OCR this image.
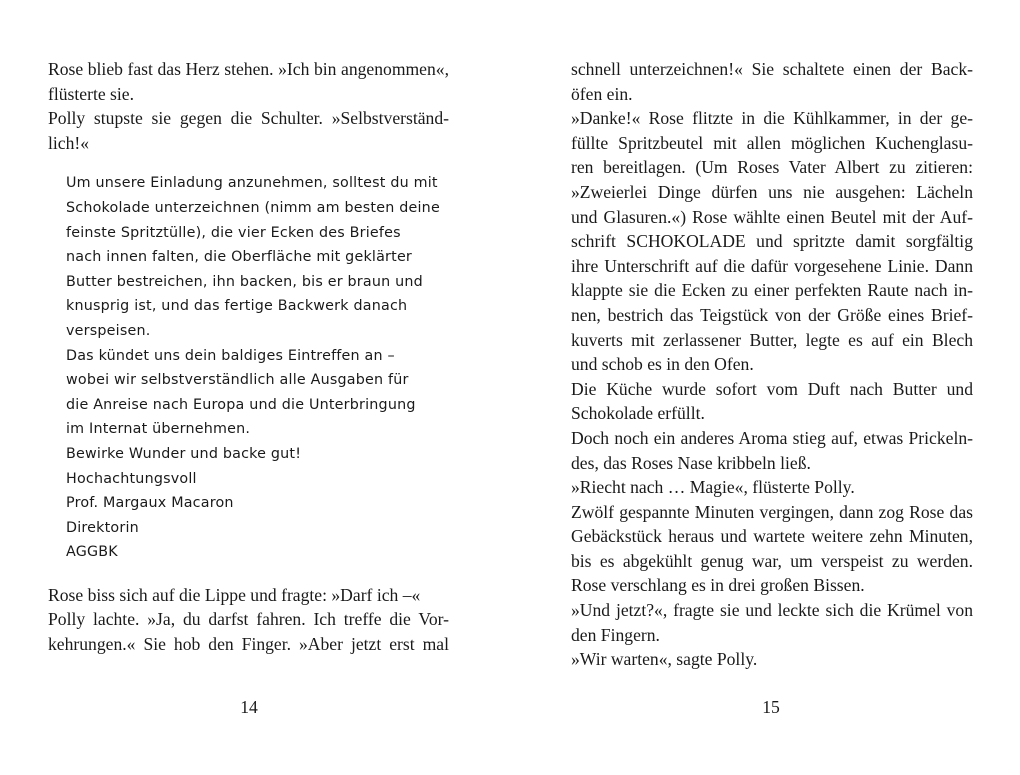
Rose blieb fast das Herz stehen. »Ich bin angenommen«,
flüsterte sie.
Polly stupste sie gegen die Schulter. »Selbstverständ-
lich!«
Um unsere Einladung anzunehmen, solltest du mit
Schokolade unterzeichnen (nimm am besten deine
feinste Spritztülle), die vier Ecken des Briefes
nach innen falten, die Oberfläche mit geklärter
Butter bestreichen, ihn backen, bis er braun und
knusprig ist, und das fertige Backwerk danach
verspeisen.
Das kündet uns dein baldiges Eintreffen an –
wobei wir selbstverständlich alle Ausgaben für
die Anreise nach Europa und die Unterbringung
im Internat übernehmen.
Bewirke Wunder und backe gut!
Hochachtungsvoll
Prof. Margaux Macaron
Direktorin
AGGBK
Rose biss sich auf die Lippe und fragte: »Darf ich –«
Polly lachte. »Ja, du darfst fahren. Ich treffe die Vor-
kehrungen.« Sie hob den Finger. »Aber jetzt erst mal
schnell unterzeichnen!« Sie schaltete einen der Back-
öfen ein.
»Danke!« Rose flitzte in die Kühlkammer, in der ge-
füllte Spritzbeutel mit allen möglichen Kuchenglasu-
ren bereitlagen. (Um Roses Vater Albert zu zitieren:
»Zweierlei Dinge dürfen uns nie ausgehen: Lächeln
und Glasuren.«) Rose wählte einen Beutel mit der Auf-
schrift SCHOKOLADE und spritzte damit sorgfältig
ihre Unterschrift auf die dafür vorgesehene Linie. Dann
klappte sie die Ecken zu einer perfekten Raute nach in-
nen, bestrich das Teigstück von der Größe eines Brief-
kuverts mit zerlassener Butter, legte es auf ein Blech
und schob es in den Ofen.
Die Küche wurde sofort vom Duft nach Butter und
Schokolade erfüllt.
Doch noch ein anderes Aroma stieg auf, etwas Prickeln-
des, das Roses Nase kribbeln ließ.
»Riecht nach … Magie«, flüsterte Polly.
Zwölf gespannte Minuten vergingen, dann zog Rose das
Gebäckstück heraus und wartete weitere zehn Minuten,
bis es abgekühlt genug war, um verspeist zu werden.
Rose verschlang es in drei großen Bissen.
»Und jetzt?«, fragte sie und leckte sich die Krümel von
den Fingern.
»Wir warten«, sagte Polly.
14	15
